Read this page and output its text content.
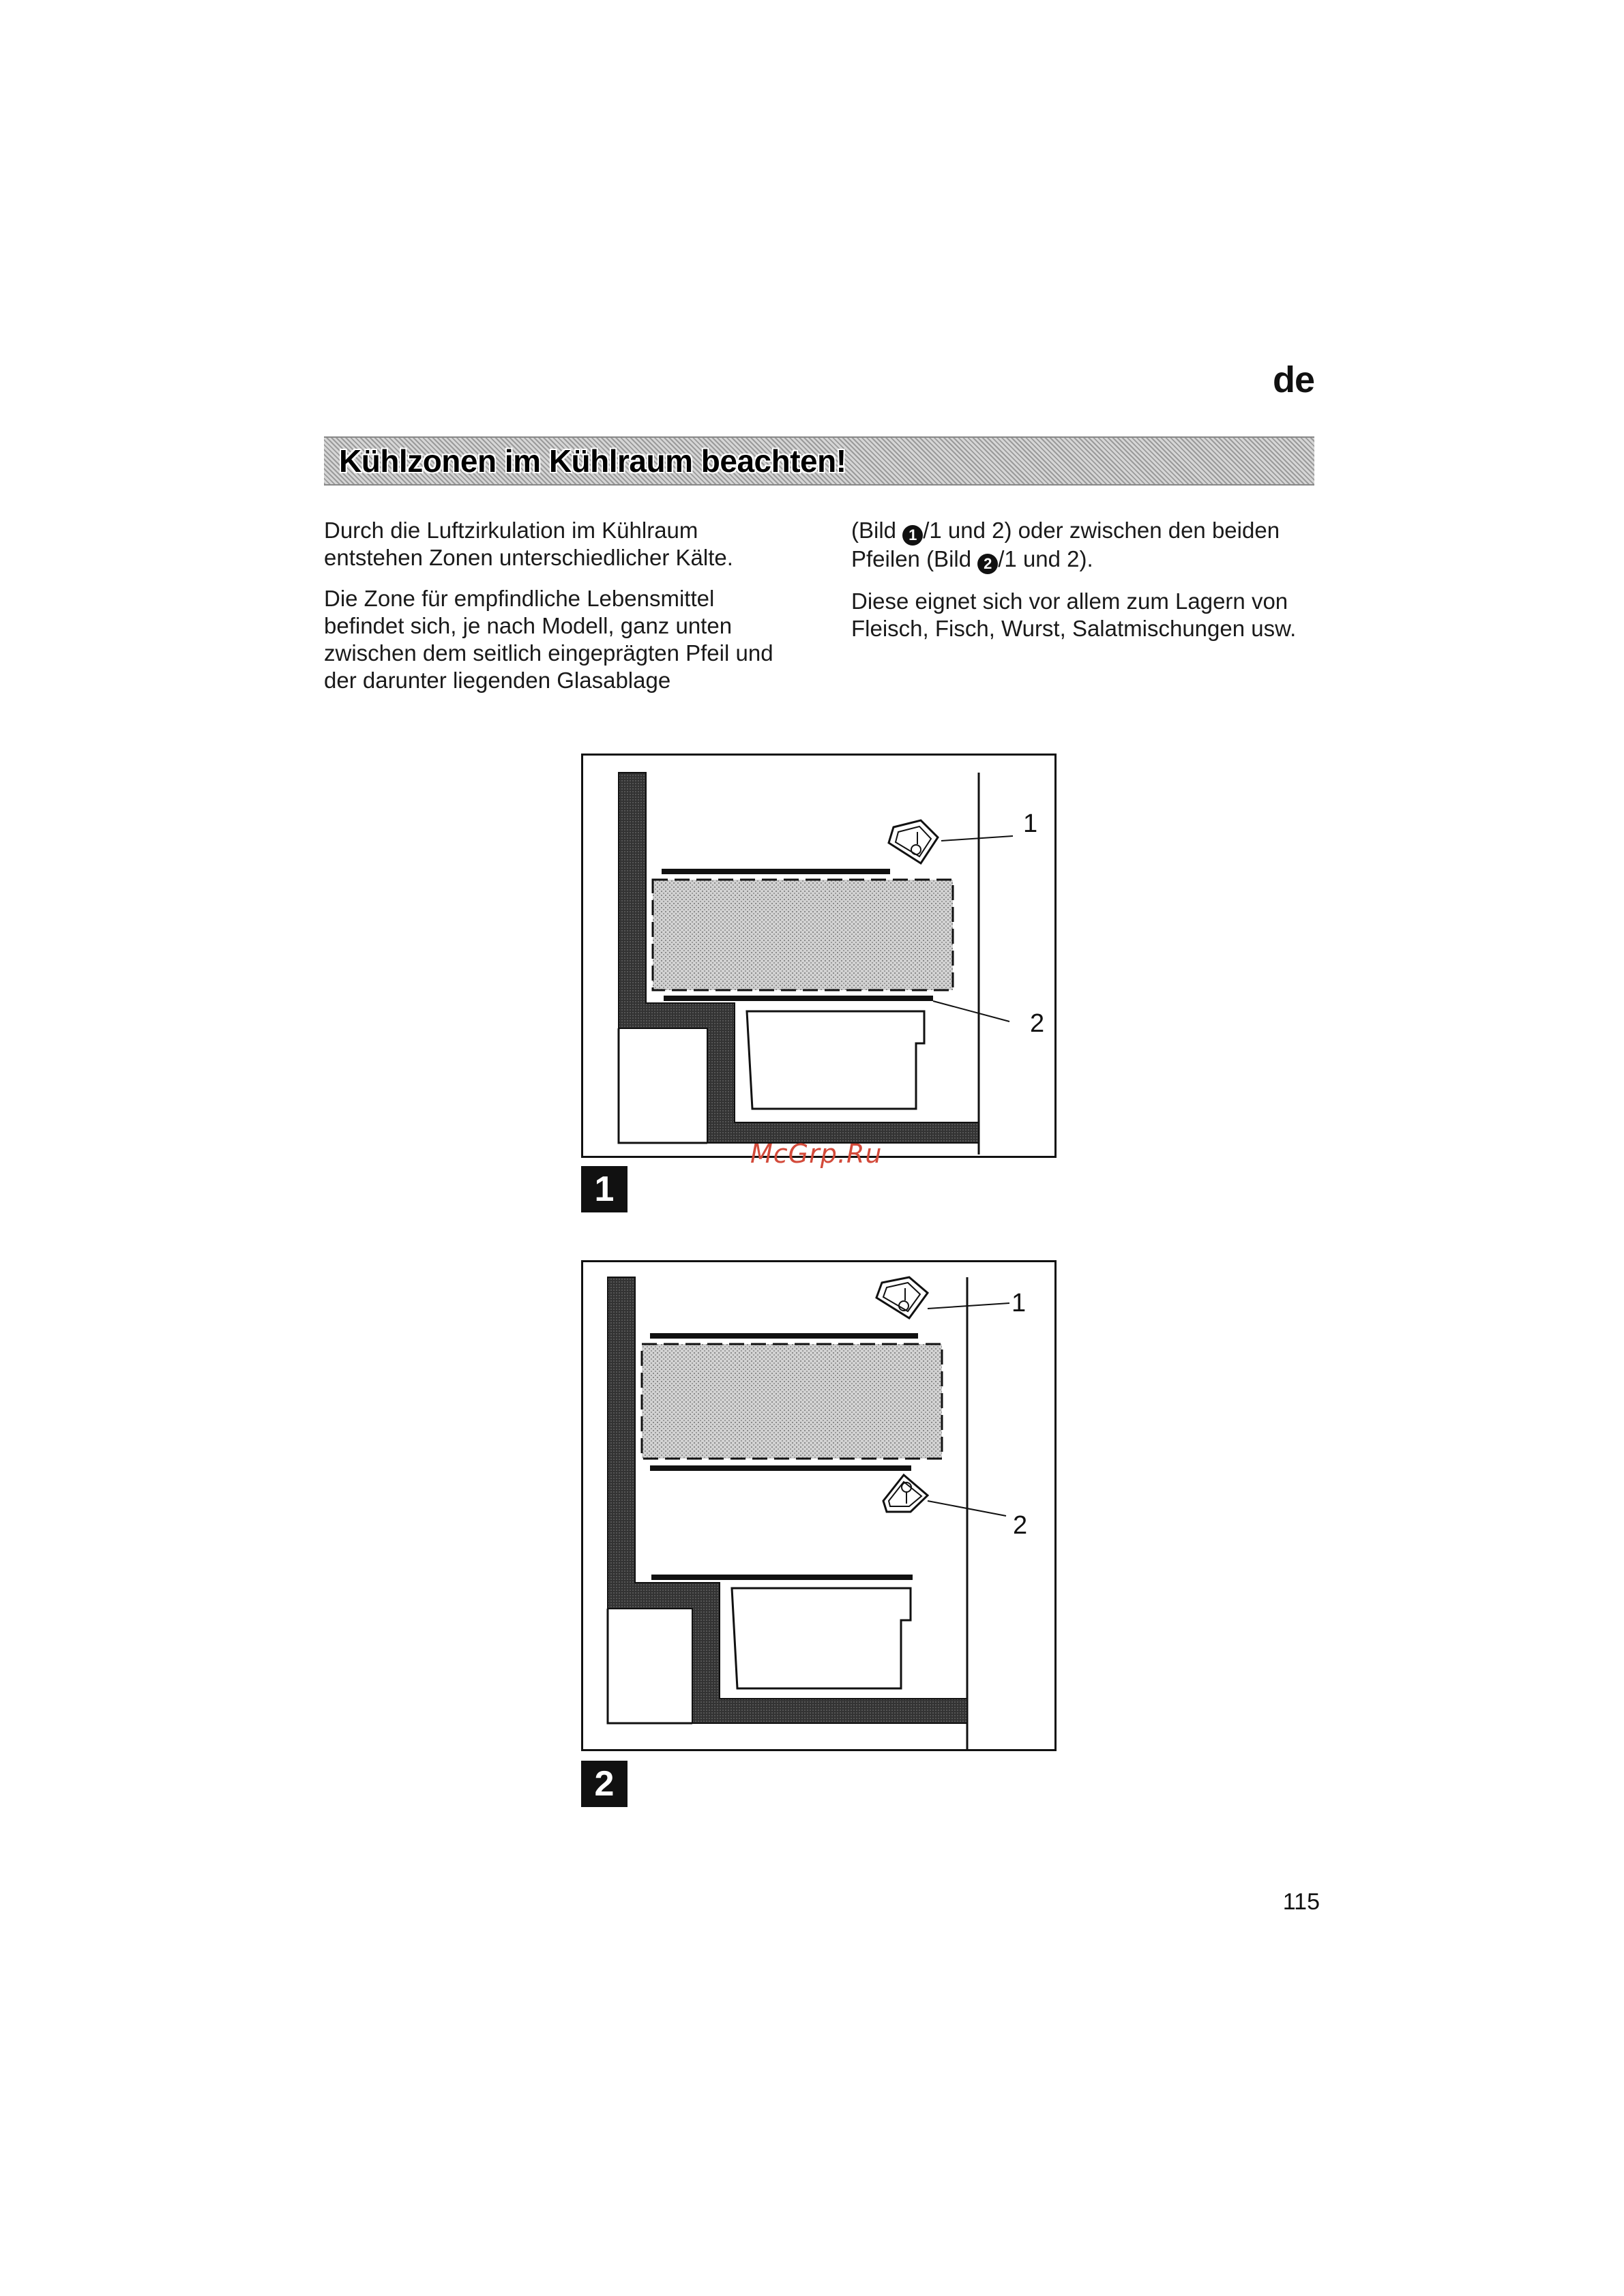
de
Kühlzonen im Kühlraum beachten!

Durch die Luftzirkulation im Kühlraum entstehen Zonen unterschiedlicher Kälte.

Die Zone für empfindliche Lebensmittel befindet sich, je nach Modell, ganz unten zwischen dem seitlich eingeprägten Pfeil und der darunter liegenden Glasablage

(Bild 1 /1 und 2) oder zwischen den beiden Pfeilen (Bild 2 /1 und 2).

Diese eignet sich vor allem zum Lagern von Fleisch, Fisch, Wurst, Salatmischungen usw.

1
2
1
McGrp.Ru
1
2
2
115
